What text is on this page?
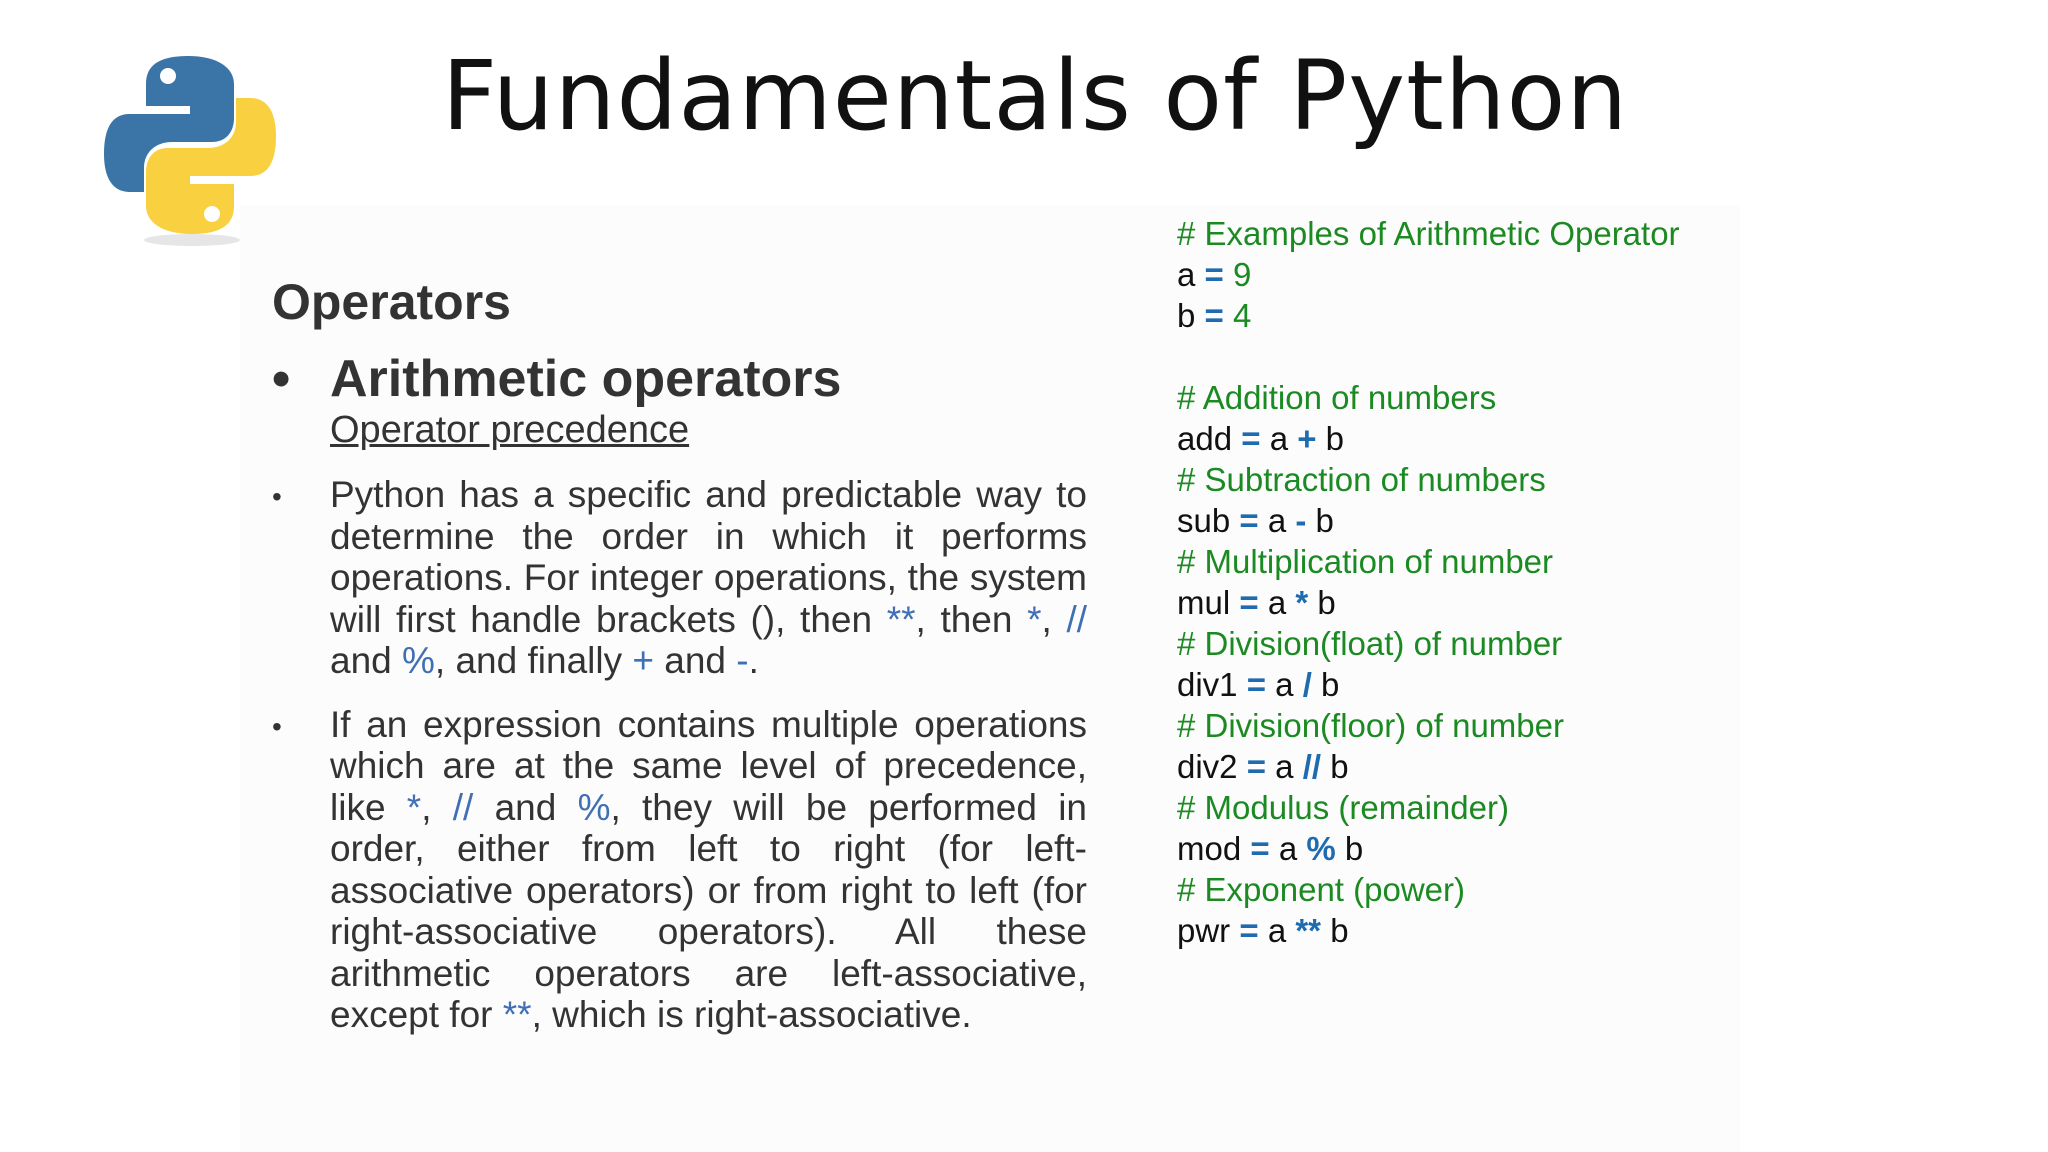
Fundamentals of Python
Operators
• Arithmetic operators
Operator precedence
• Python has a specific and predictable way to determine the order in which it performs operations. For integer operations, the system will first handle brackets (), then **, then *, // and %, and finally + and -.
• If an expression contains multiple operations which are at the same level of precedence, like *, // and %, they will be performed in order, either from left to right (for left-associative operators) or from right to left (for right-associative operators). All these arithmetic operators are left-associative, except for **, which is right-associative.
# Examples of Arithmetic Operator
a = 9
b = 4
# Addition of numbers
add = a + b
# Subtraction of numbers
sub = a - b
# Multiplication of number
mul = a * b
# Division(float) of number
div1 = a / b
# Division(floor) of number
div2 = a // b
# Modulus (remainder)
mod = a % b
# Exponent (power)
pwr = a ** b
